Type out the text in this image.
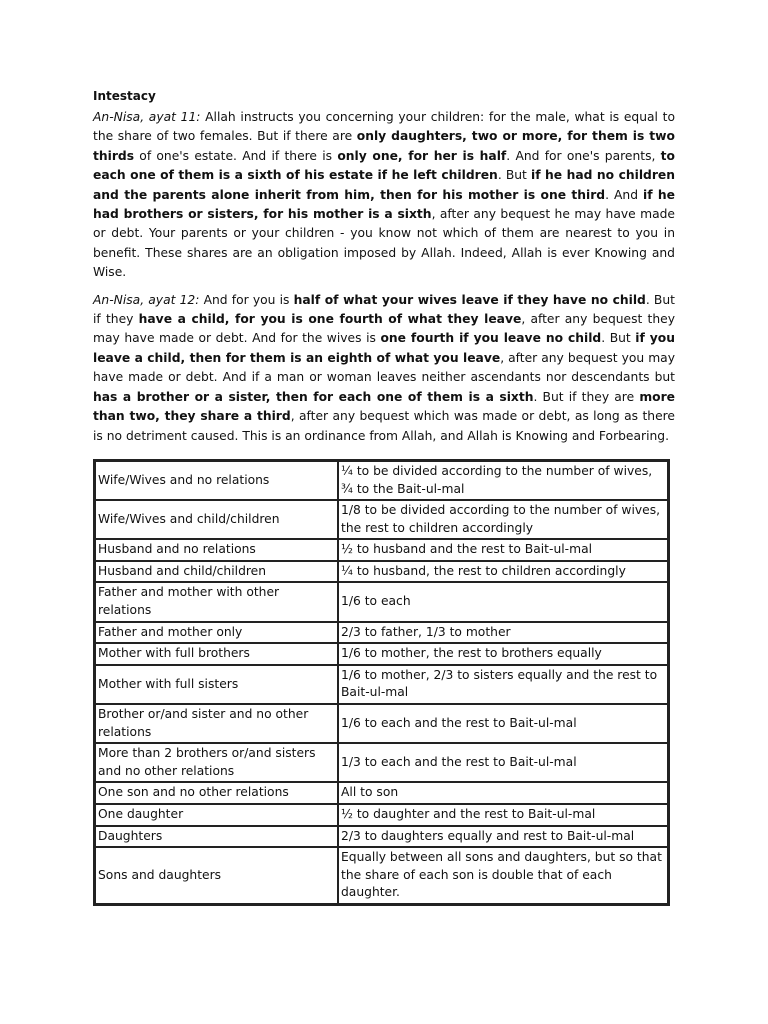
Intestacy

An-Nisa, ayat 11: Allah instructs you concerning your children: for the male, what is equal to the share of two females. But if there are only daughters, two or more, for them is two thirds of one's estate. And if there is only one, for her is half. And for one's parents, to each one of them is a sixth of his estate if he left children. But if he had no children and the parents alone inherit from him, then for his mother is one third. And if he had brothers or sisters, for his mother is a sixth, after any bequest he may have made or debt. Your parents or your children - you know not which of them are nearest to you in benefit. These shares are an obligation imposed by Allah. Indeed, Allah is ever Knowing and Wise.

An-Nisa, ayat 12: And for you is half of what your wives leave if they have no child. But if they have a child, for you is one fourth of what they leave, after any bequest they may have made or debt. And for the wives is one fourth if you leave no child. But if you leave a child, then for them is an eighth of what you leave, after any bequest you may have made or debt. And if a man or woman leaves neither ascendants nor descendants but has a brother or a sister, then for each one of them is a sixth. But if they are more than two, they share a third, after any bequest which was made or debt, as long as there is no detriment caused. This is an ordinance from Allah, and Allah is Knowing and Forbearing.

Wife/Wives and no relations	¼ to be divided according to the number of wives, ¾ to the Bait-ul-mal
Wife/Wives and child/children	1/8 to be divided according to the number of wives, the rest to children accordingly
Husband and no relations	½ to husband and the rest to Bait-ul-mal
Husband and child/children	¼ to husband, the rest to children accordingly
Father and mother with other relations	1/6 to each
Father and mother only	2/3 to father, 1/3 to mother
Mother with full brothers	1/6 to mother, the rest to brothers equally
Mother with full sisters	1/6 to mother, 2/3 to sisters equally and the rest to Bait-ul-mal
Brother or/and sister and no other relations	1/6 to each and the rest to Bait-ul-mal
More than 2 brothers or/and sisters and no other relations	1/3 to each and the rest to Bait-ul-mal
One son and no other relations	All to son
One daughter	½ to daughter and the rest to Bait-ul-mal
Daughters	2/3 to daughters equally and rest to Bait-ul-mal
Sons and daughters	Equally between all sons and daughters, but so that the share of each son is double that of each daughter.
